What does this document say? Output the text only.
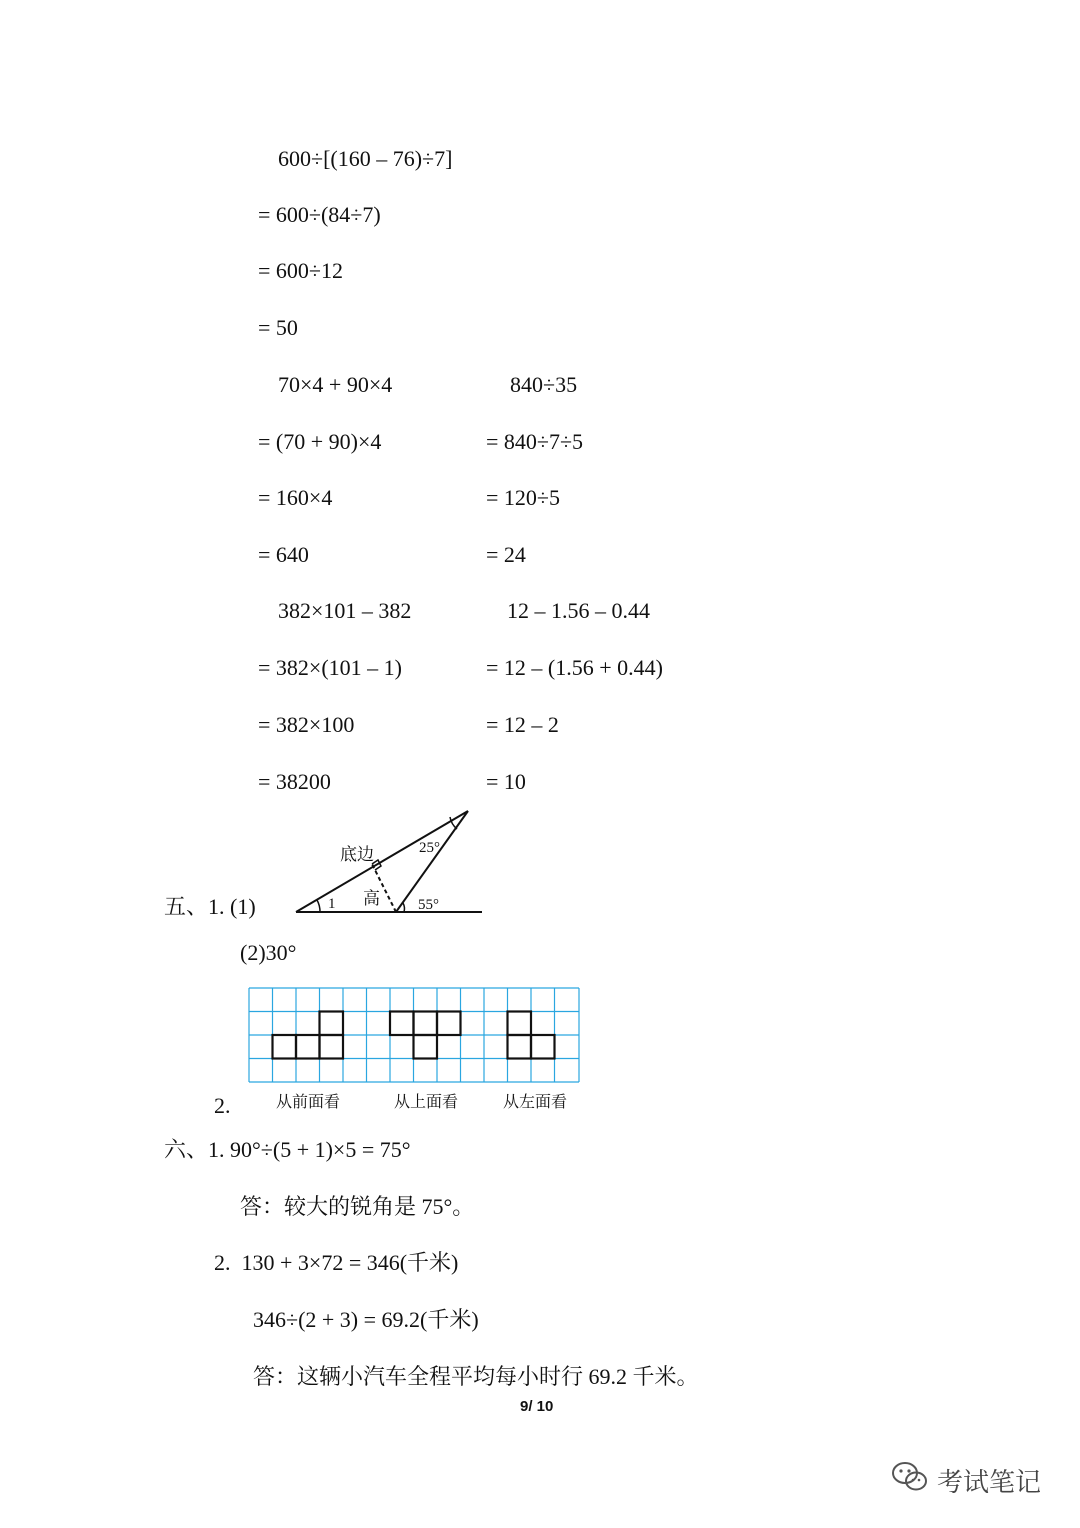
600÷[(160 – 76)÷7]
= 600÷(84÷7)
= 600÷12
= 50
70×4 + 90×4
= (70 + 90)×4
= 160×4
= 640
840÷35
= 840÷7÷5
= 120÷5
= 24
382×101 – 382
= 382×(101 – 1)
= 382×100
= 38200
12 – 1.56 – 0.44
= 12 – (1.56 + 0.44)
= 12 – 2
= 10
五、1. (1)
底边
高
25°
55°
1
(2)30°
2.	从前面看	从上面看	从左面看
六、1. 90°÷(5 + 1)×5 = 75°
答：较大的锐角是 75°。
2.  130 + 3×72 = 346(千米)
346÷(2 + 3) = 69.2(千米)
答：这辆小汽车全程平均每小时行 69.2 千米。
9/ 10
考试笔记
